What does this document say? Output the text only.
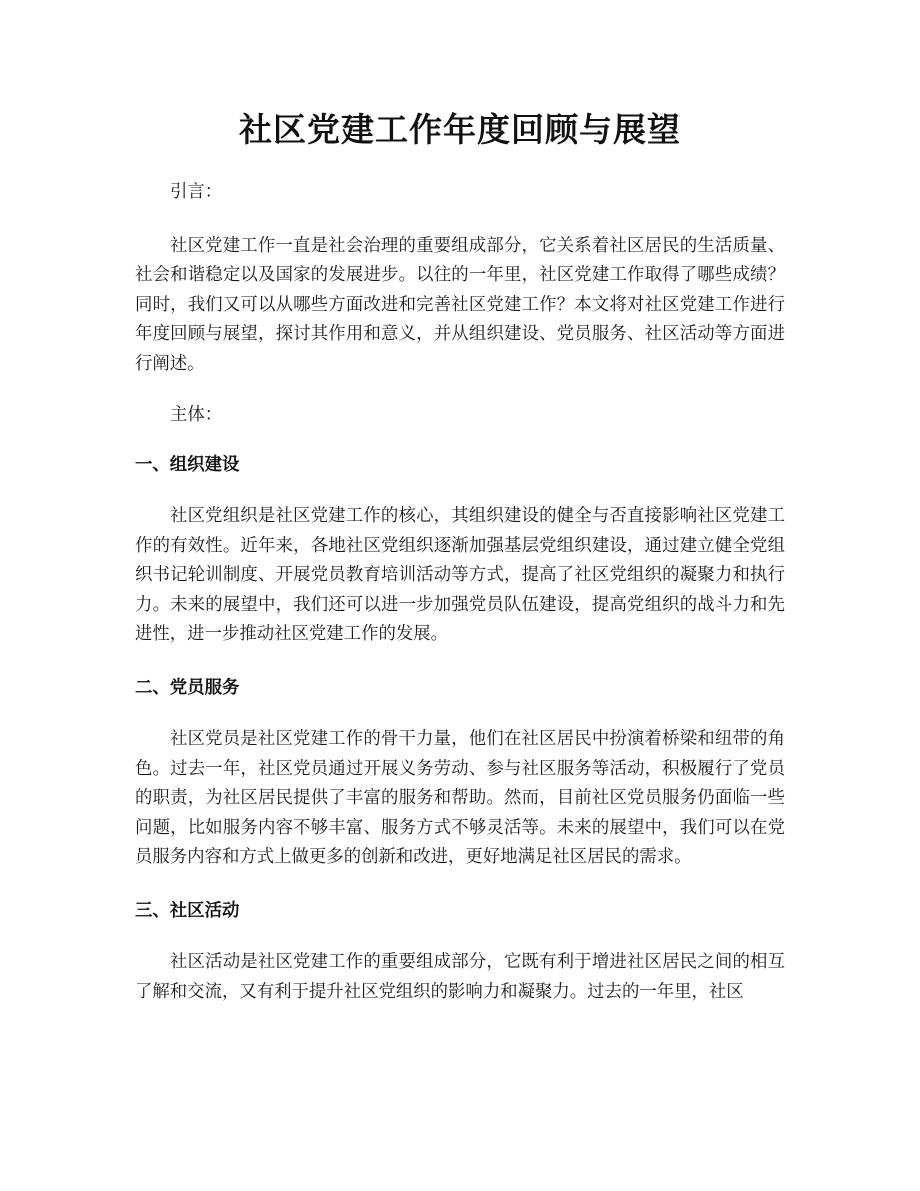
社区党建工作年度回顾与展望

引言：

社区党建工作一直是社会治理的重要组成部分，它关系着社区居民的生活质量、社会和谐稳定以及国家的发展进步。以往的一年里，社区党建工作取得了哪些成绩？同时，我们又可以从哪些方面改进和完善社区党建工作？本文将对社区党建工作进行年度回顾与展望，探讨其作用和意义，并从组织建设、党员服务、社区活动等方面进行阐述。

主体：

一、组织建设

社区党组织是社区党建工作的核心，其组织建设的健全与否直接影响社区党建工作的有效性。近年来，各地社区党组织逐渐加强基层党组织建设，通过建立健全党组织书记轮训制度、开展党员教育培训活动等方式，提高了社区党组织的凝聚力和执行力。未来的展望中，我们还可以进一步加强党员队伍建设，提高党组织的战斗力和先进性，进一步推动社区党建工作的发展。

二、党员服务

社区党员是社区党建工作的骨干力量，他们在社区居民中扮演着桥梁和纽带的角色。过去一年，社区党员通过开展义务劳动、参与社区服务等活动，积极履行了党员的职责，为社区居民提供了丰富的服务和帮助。然而，目前社区党员服务仍面临一些问题，比如服务内容不够丰富、服务方式不够灵活等。未来的展望中，我们可以在党员服务内容和方式上做更多的创新和改进，更好地满足社区居民的需求。

三、社区活动

社区活动是社区党建工作的重要组成部分，它既有利于增进社区居民之间的相互了解和交流，又有利于提升社区党组织的影响力和凝聚力。过去的一年里，社区
